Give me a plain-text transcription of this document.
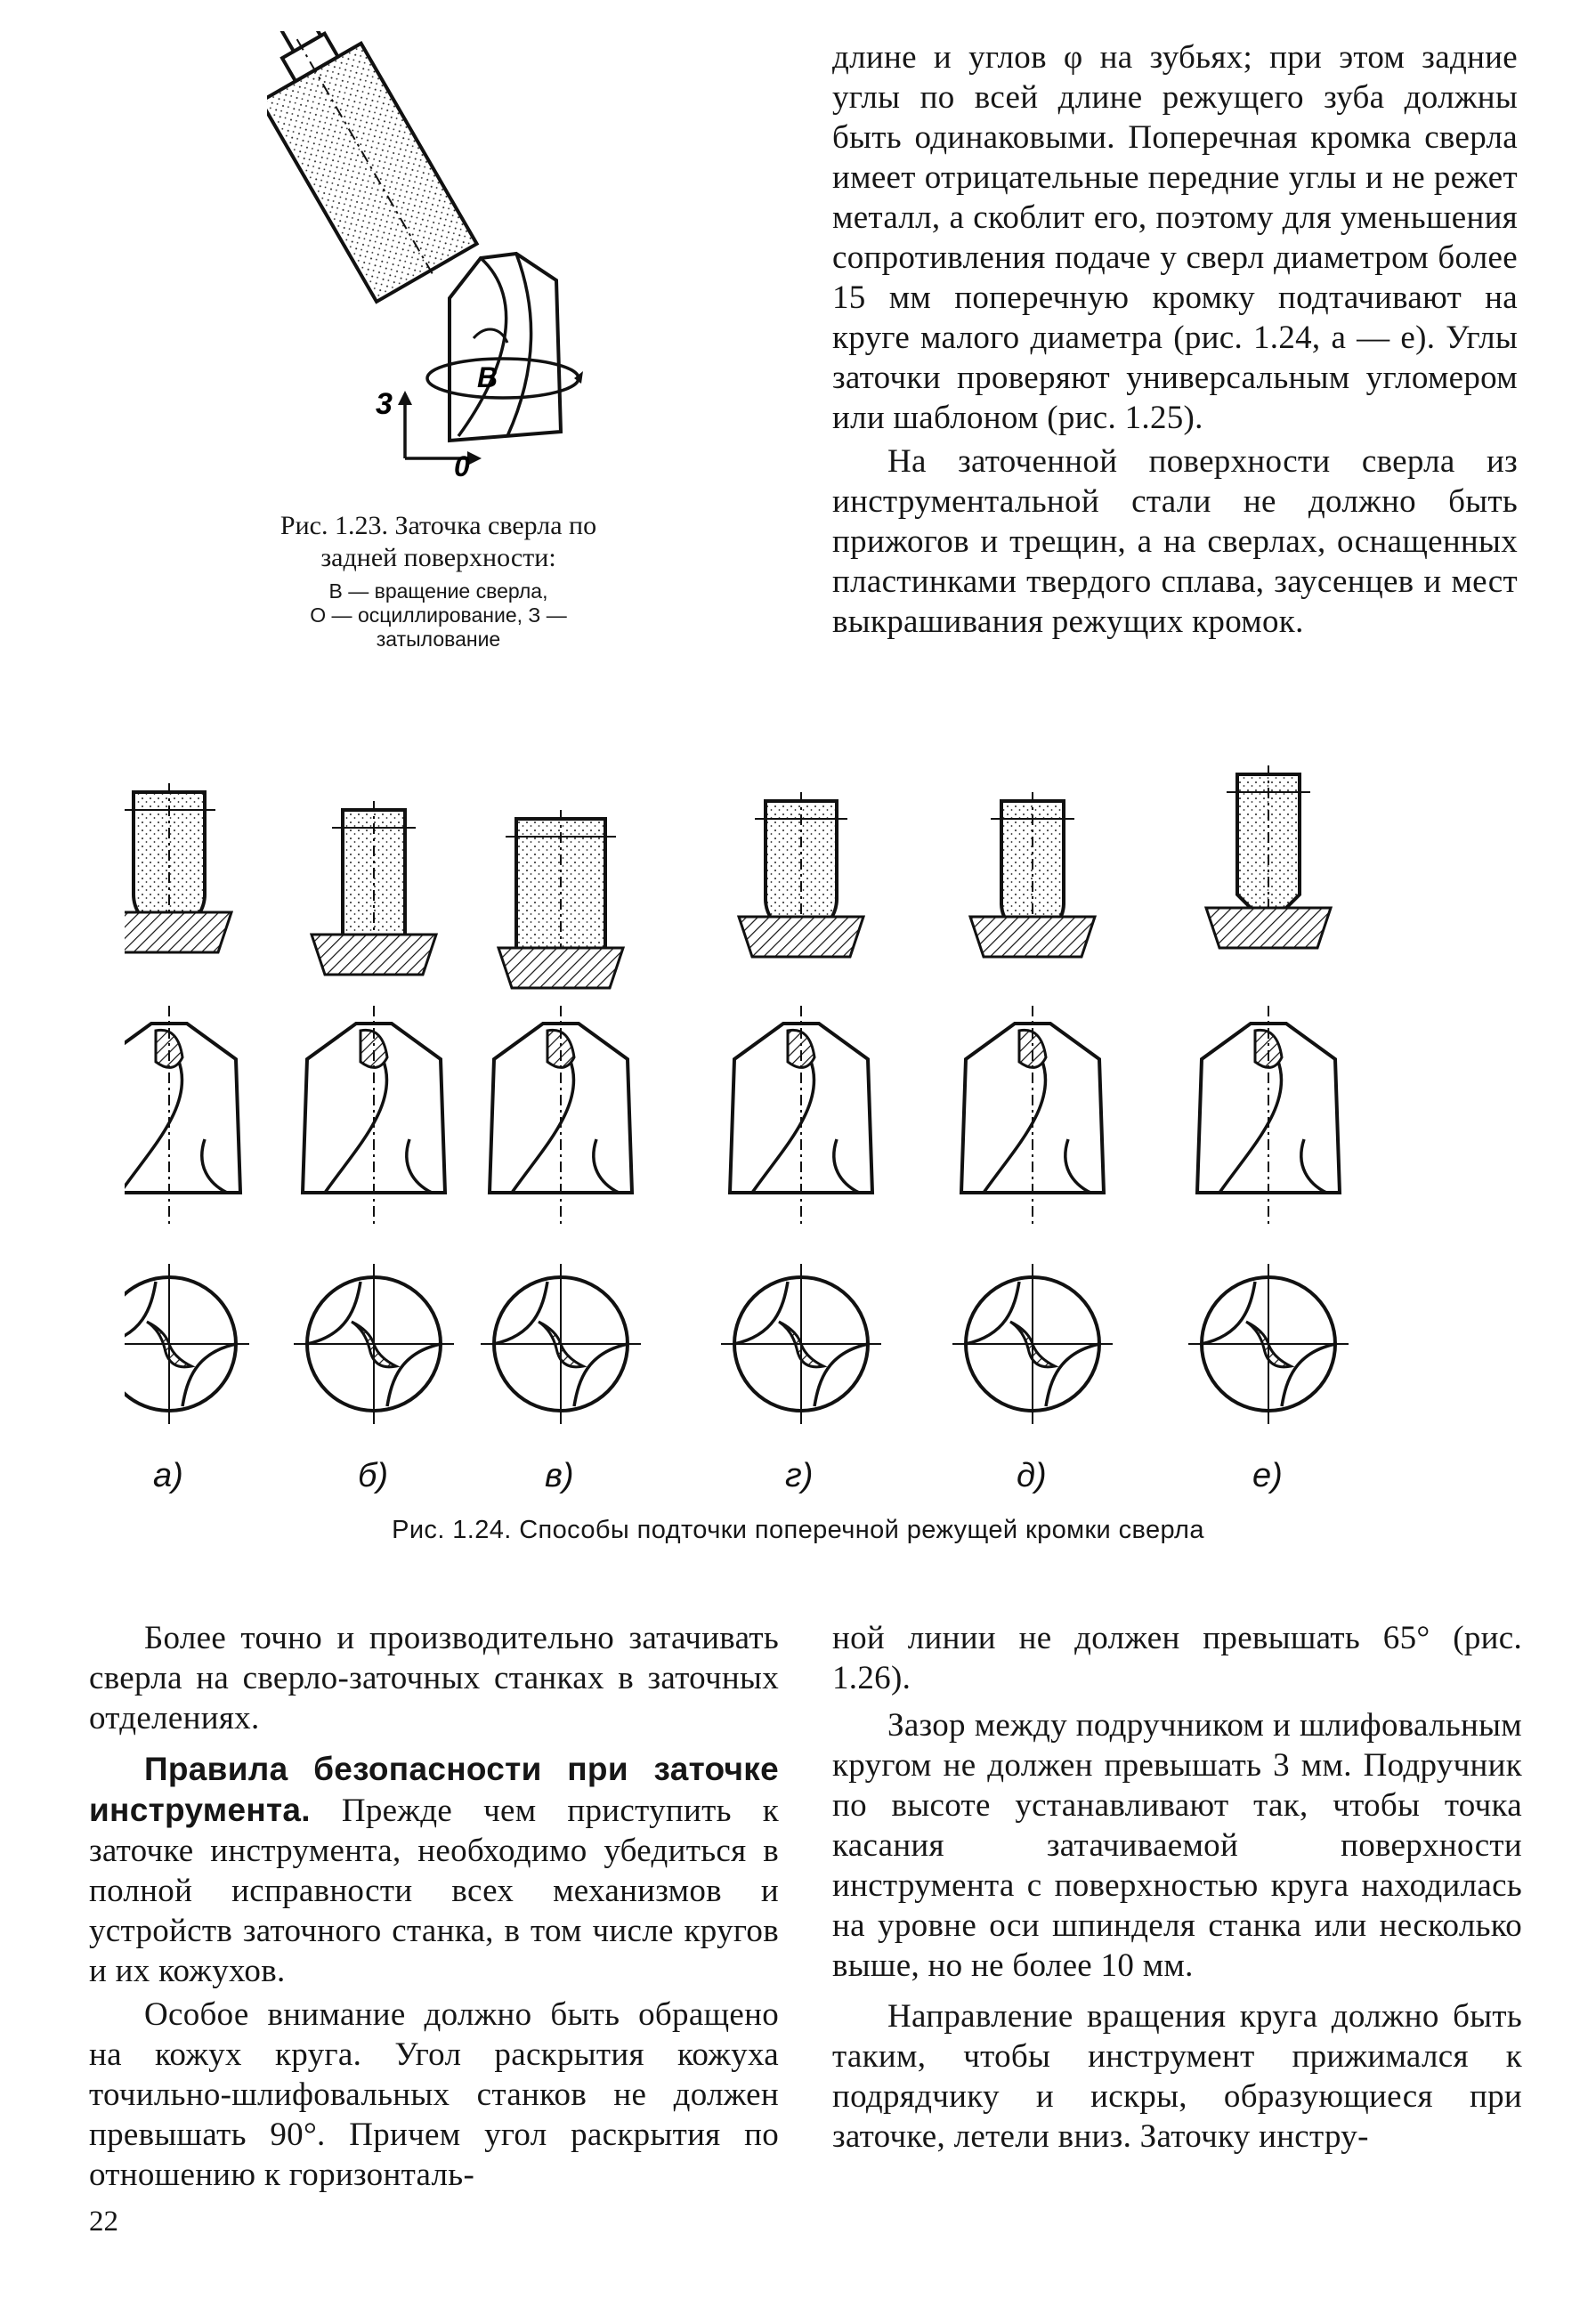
3
B
0

Рис. 1.23. Заточка сверла по задней поверхности:

В — вращение сверла,

О — осциллирование, З —

затылование

длине и углов φ на зубьях; при этом задние углы по всей длине режущего зуба должны быть одинаковыми. Поперечная кромка сверла имеет отрицательные передние углы и не режет металл, а скоблит его, поэтому для уменьшения сопротивления подаче у сверл диаметром более 15 мм поперечную кромку подтачивают на круге малого диаметра (рис. 1.24, а — е). Углы заточки проверяют универсальным угломером или шаблоном (рис. 1.25).

На заточенной поверхности сверла из инструментальной стали не должно быть прижогов и трещин, а на сверлах, оснащенных пластинками твердого сплава, заусенцев и мест выкрашивания режущих кромок.

а)	б)	в)	г)	д)	е)
Рис. 1.24. Способы подточки поперечной режущей кромки сверла

Более точно и производительно затачивать сверла на сверло-заточных станках в заточных отделениях.

Правила безопасности при заточке инструмента. Прежде чем приступить к заточке инструмента, необходимо убедиться в полной исправности всех механизмов и устройств заточного станка, в том числе кругов и их кожухов.

Особое внимание должно быть обращено на кожух круга. Угол раскрытия кожуха точильно-шлифовальных станков не должен превышать 90°. Причем угол раскрытия по отношению к горизонталь-

ной линии не должен превышать 65° (рис. 1.26).

Зазор между подручником и шлифовальным кругом не должен превышать 3 мм. Подручник по высоте устанавливают так, чтобы точка касания затачиваемой поверхности инструмента с поверхностью круга находилась на уровне оси шпинделя станка или несколько выше, но не более 10 мм.

Направление вращения круга должно быть таким, чтобы инструмент прижимался к подрядчику и искры, образующиеся при заточке, летели вниз. Заточку инстру-

22
